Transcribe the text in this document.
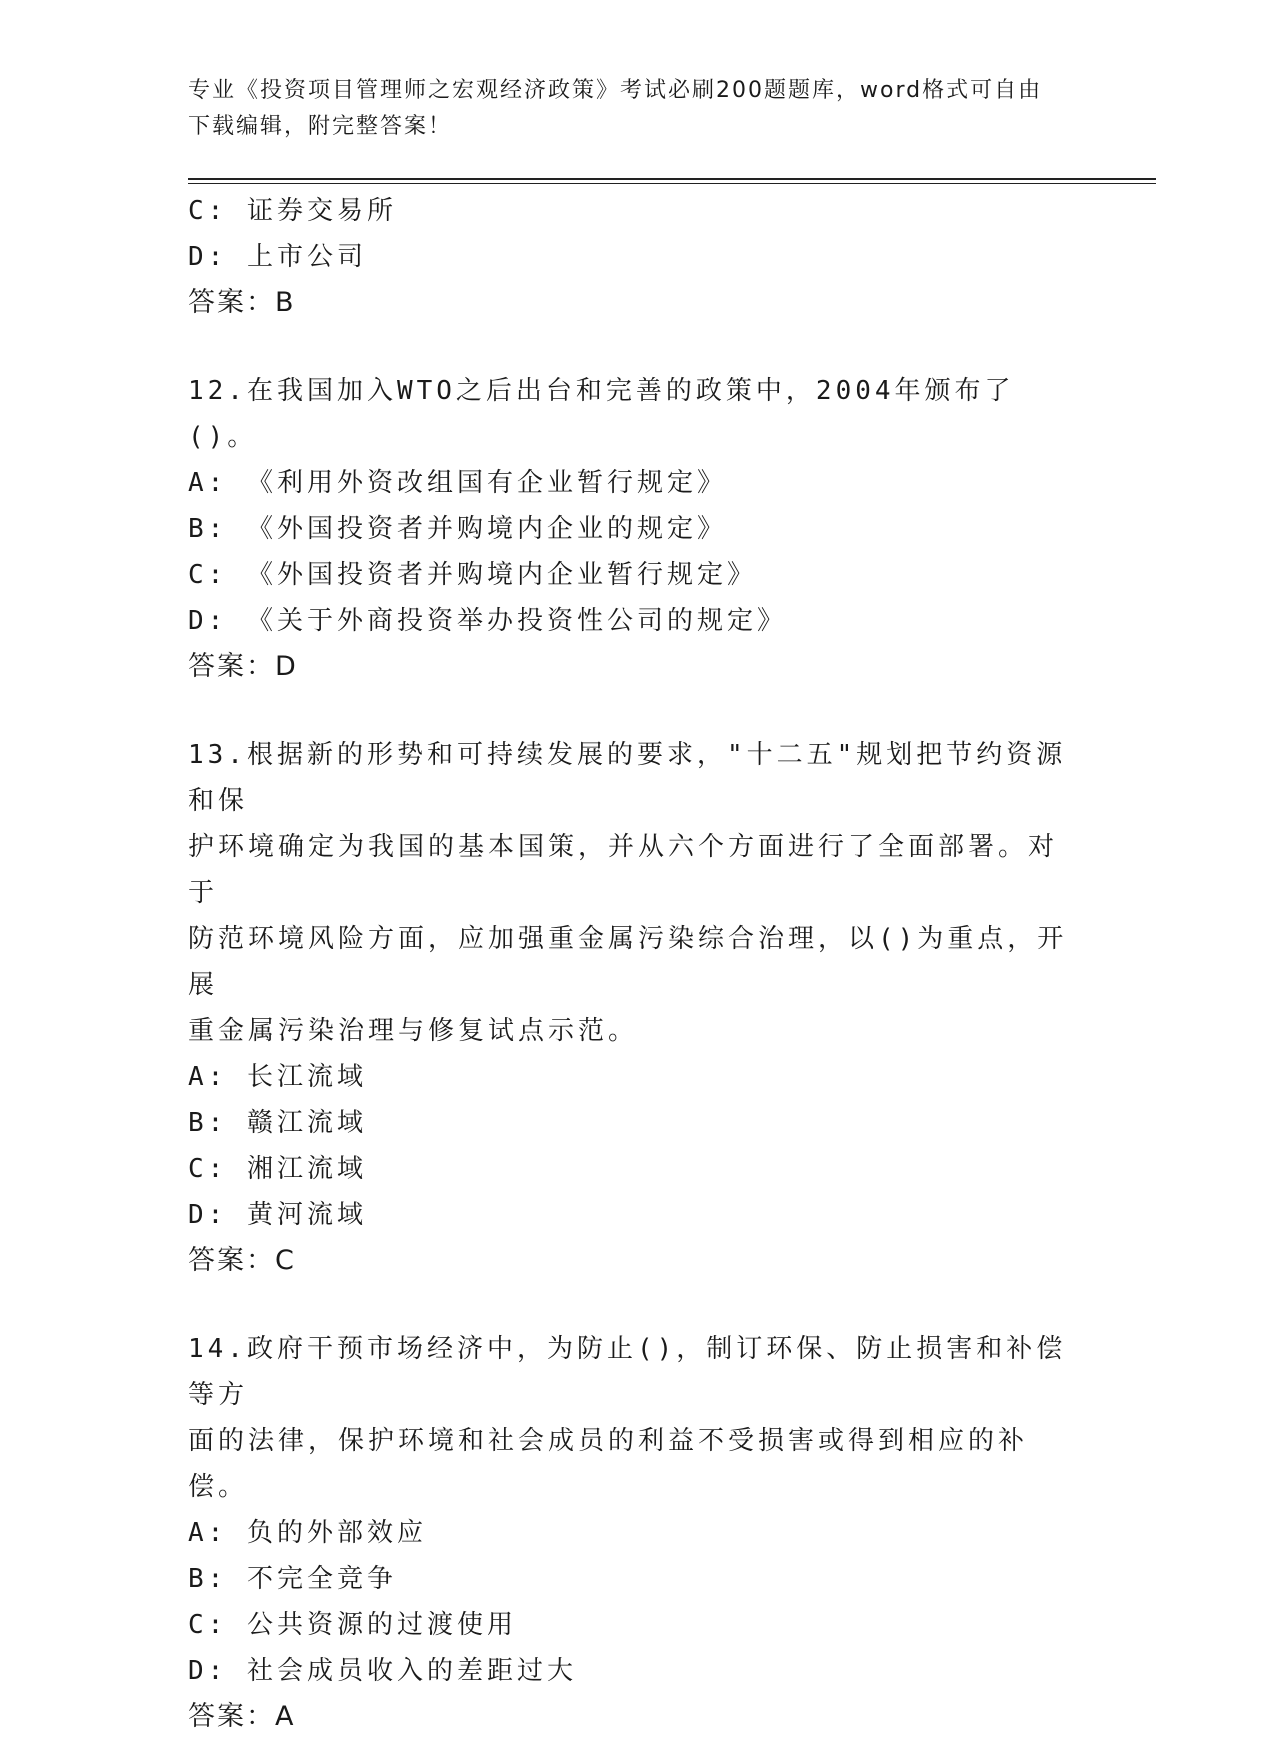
专业《投资项目管理师之宏观经济政策》考试必刷200题题库，word格式可自由
下载编辑，附完整答案！
C: 证券交易所
D: 上市公司
答案：B
12.在我国加入WTO之后出台和完善的政策中，2004年颁布了()。
A: 《利用外资改组国有企业暂行规定》
B: 《外国投资者并购境内企业的规定》
C: 《外国投资者并购境内企业暂行规定》
D: 《关于外商投资举办投资性公司的规定》
答案：D
13.根据新的形势和可持续发展的要求，"十二五"规划把节约资源和保
护环境确定为我国的基本国策，并从六个方面进行了全面部署。对于
防范环境风险方面，应加强重金属污染综合治理，以()为重点，开展
重金属污染治理与修复试点示范。
A: 长江流域
B: 赣江流域
C: 湘江流域
D: 黄河流域
答案：C
14.政府干预市场经济中，为防止()，制订环保、防止损害和补偿等方
面的法律，保护环境和社会成员的利益不受损害或得到相应的补偿。
A: 负的外部效应
B: 不完全竞争
C: 公共资源的过渡使用
D: 社会成员收入的差距过大
答案：A
